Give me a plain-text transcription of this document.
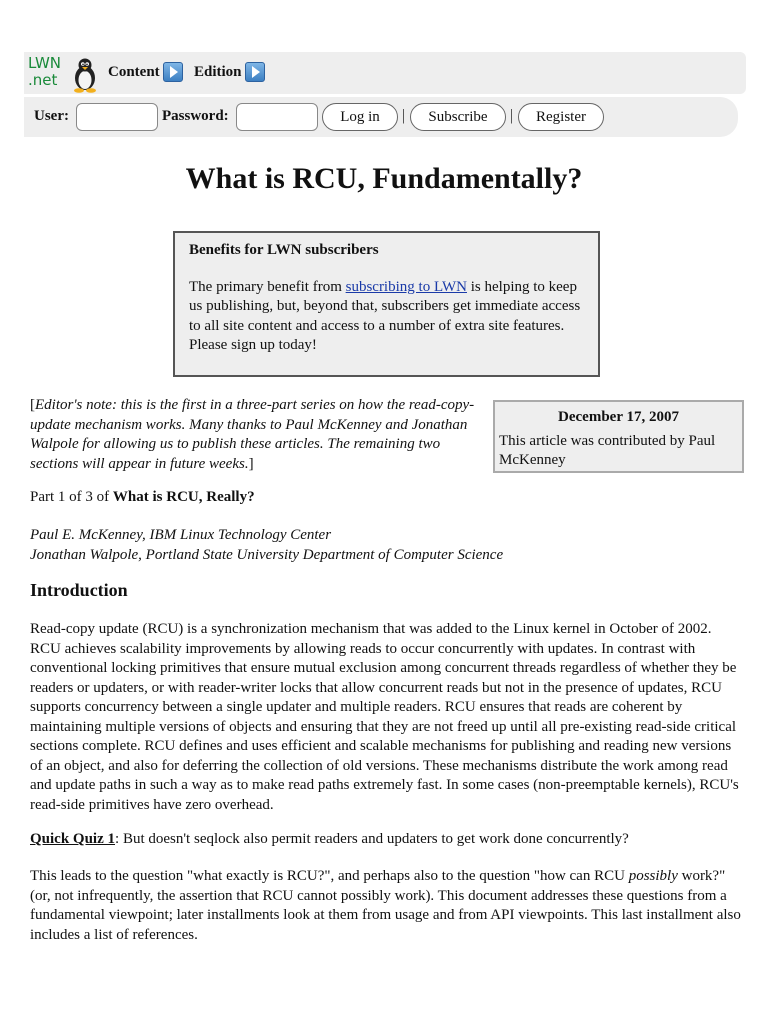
LWN
.net	Content Edition
User:	Password:	Log in	|	Subscribe	|	Register
What is RCU, Fundamentally?
Benefits for LWN subscribers
The primary benefit from subscribing to LWN is helping to keep us publishing, but, beyond that, subscribers get immediate access to all site content and access to a number of extra site features. Please sign up today!
[Editor's note: this is the first in a three-part series on how the read-copy-update mechanism works. Many thanks to Paul McKenney and Jonathan Walpole for allowing us to publish these articles. The remaining two sections will appear in future weeks.]
December 17, 2007
This article was contributed by Paul McKenney
Part 1 of 3 of What is RCU, Really?
Paul E. McKenney, IBM Linux Technology Center
Jonathan Walpole, Portland State University Department of Computer Science
Introduction

Read-copy update (RCU) is a synchronization mechanism that was added to the Linux kernel in October of 2002. RCU achieves scalability improvements by allowing reads to occur concurrently with updates. In contrast with conventional locking primitives that ensure mutual exclusion among concurrent threads regardless of whether they be readers or updaters, or with reader-writer locks that allow concurrent reads but not in the presence of updates, RCU supports concurrency between a single updater and multiple readers. RCU ensures that reads are coherent by maintaining multiple versions of objects and ensuring that they are not freed up until all pre-existing read-side critical sections complete. RCU defines and uses efficient and scalable mechanisms for publishing and reading new versions of an object, and also for deferring the collection of old versions. These mechanisms distribute the work among read and update paths in such a way as to make read paths extremely fast. In some cases (non-preemptable kernels), RCU's read-side primitives have zero overhead.

Quick Quiz 1: But doesn't seqlock also permit readers and updaters to get work done concurrently?

This leads to the question "what exactly is RCU?", and perhaps also to the question "how can RCU possibly work?" (or, not infrequently, the assertion that RCU cannot possibly work). This document addresses these questions from a fundamental viewpoint; later installments look at them from usage and from API viewpoints. This last installment also includes a list of references.
